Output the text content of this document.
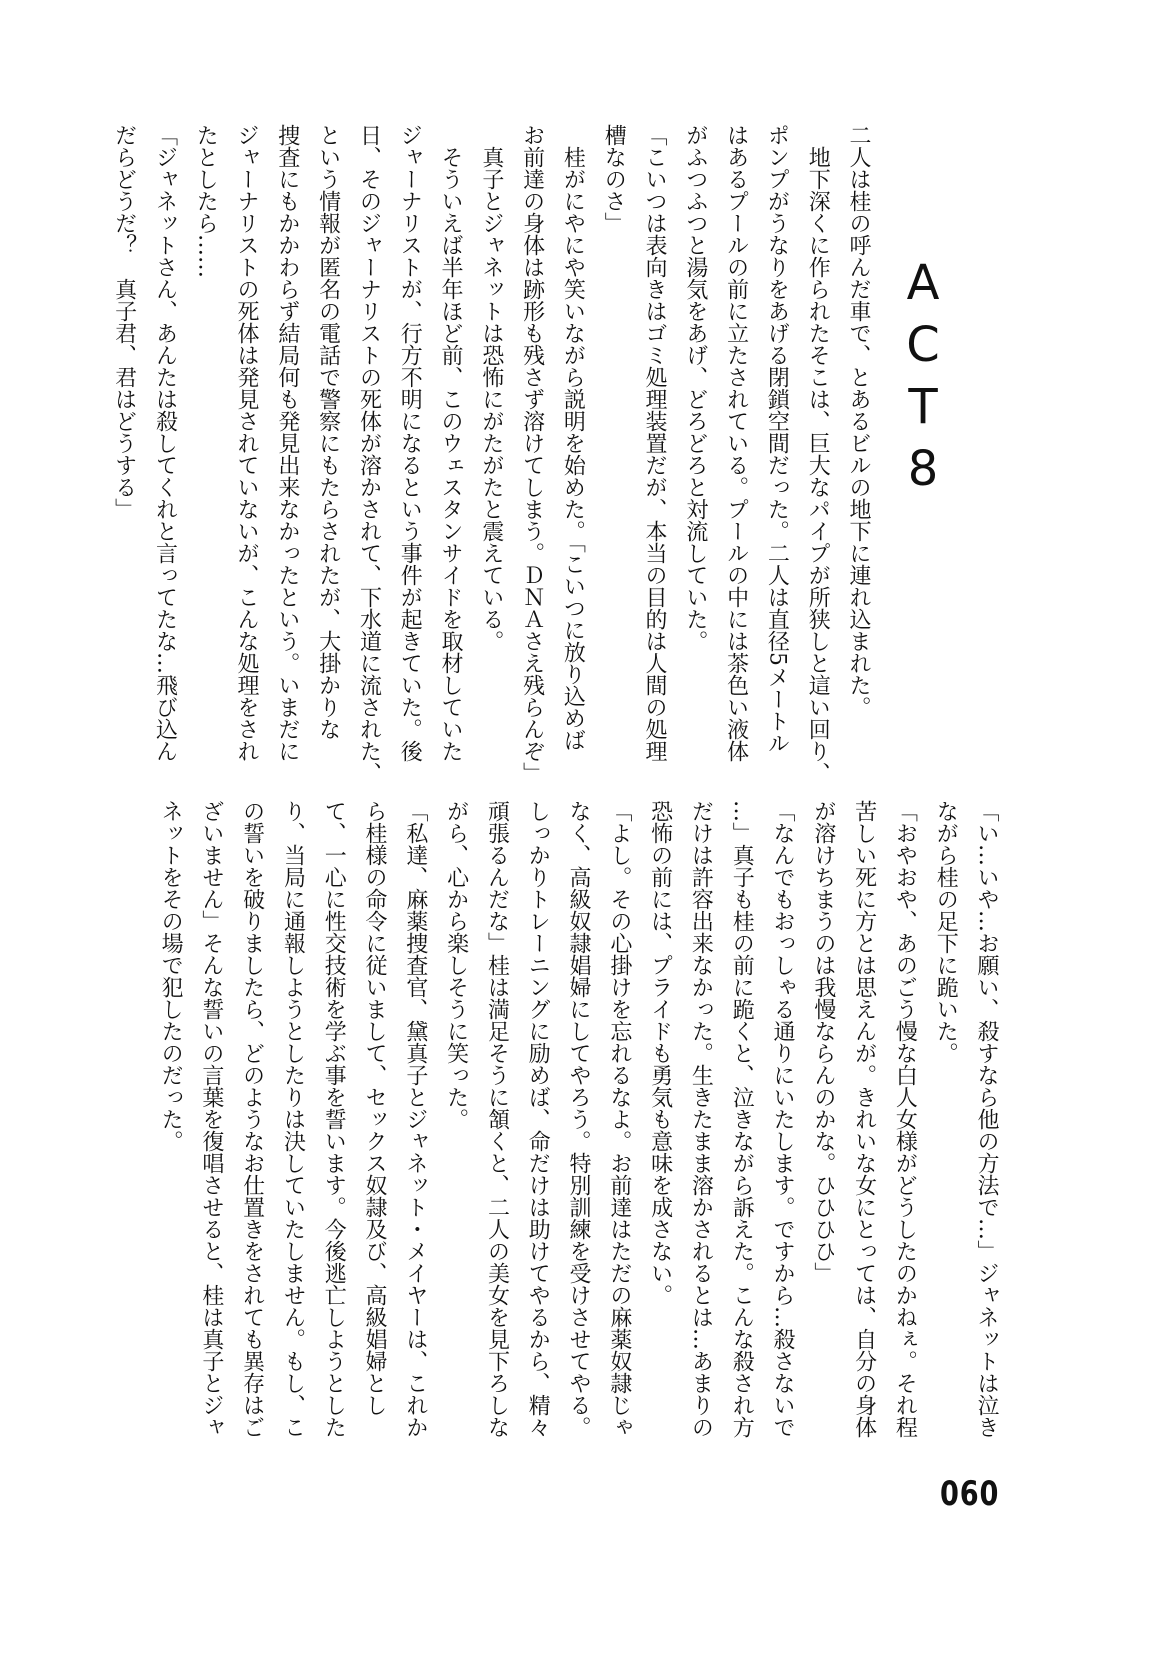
ACT8
二人は桂の呼んだ車で、とあるビルの地下に連れ込まれた。
　地下深くに作られたそこは、巨大なパイプが所狭しと這い回り、
ポンプがうなりをあげる閉鎖空間だった。二人は直径5メートル
はあるプールの前に立たされている。プールの中には茶色い液体
がふつふつと湯気をあげ、どろどろと対流していた。
「こいつは表向きはゴミ処理装置だが、本当の目的は人間の処理
槽なのさ」
　桂がにやにや笑いながら説明を始めた。「こいつに放り込めば
お前達の身体は跡形も残さず溶けてしまう。ＤＮＡさえ残らんぞ」
　真子とジャネットは恐怖にがたがたと震えている。
　そういえば半年ほど前、このウェスタンサイドを取材していた
ジャーナリストが、行方不明になるという事件が起きていた。後
日、そのジャーナリストの死体が溶かされて、下水道に流された、
という情報が匿名の電話で警察にもたらされたが、大掛かりな
捜査にもかかわらず結局何も発見出来なかったという。いまだに
ジャーナリストの死体は発見されていないが、こんな処理をされ
たとしたら……
「ジャネットさん、あんたは殺してくれと言ってたな…飛び込ん
だらどうだ？　真子君、君はどうする」
「い…いや…お願い、殺すなら他の方法で…」ジャネットは泣き
ながら桂の足下に跪いた。
「おやおや、あのごう慢な白人女様がどうしたのかねぇ。それ程
苦しい死に方とは思えんが。きれいな女にとっては、自分の身体
が溶けちまうのは我慢ならんのかな。ひひひひ」
「なんでもおっしゃる通りにいたします。ですから…殺さないで
…」真子も桂の前に跪くと、泣きながら訴えた。こんな殺され方
だけは許容出来なかった。生きたまま溶かされるとは…あまりの
恐怖の前には、プライドも勇気も意味を成さない。
「よし。その心掛けを忘れるなよ。お前達はただの麻薬奴隷じゃ
なく、高級奴隷娼婦にしてやろう。特別訓練を受けさせてやる。
しっかりトレーニングに励めば、命だけは助けてやるから、精々
頑張るんだな」桂は満足そうに頷くと、二人の美女を見下ろしな
がら、心から楽しそうに笑った。
「私達、麻薬捜査官、黛真子とジャネット・メイヤーは、これか
ら桂様の命令に従いまして、セックス奴隷及び、高級娼婦とし
て、一心に性交技術を学ぶ事を誓います。今後逃亡しようとした
り、当局に通報しようとしたりは決していたしません。もし、こ
の誓いを破りましたら、どのようなお仕置きをされても異存はご
ざいません」そんな誓いの言葉を復唱させると、桂は真子とジャ
ネットをその場で犯したのだった。
060
